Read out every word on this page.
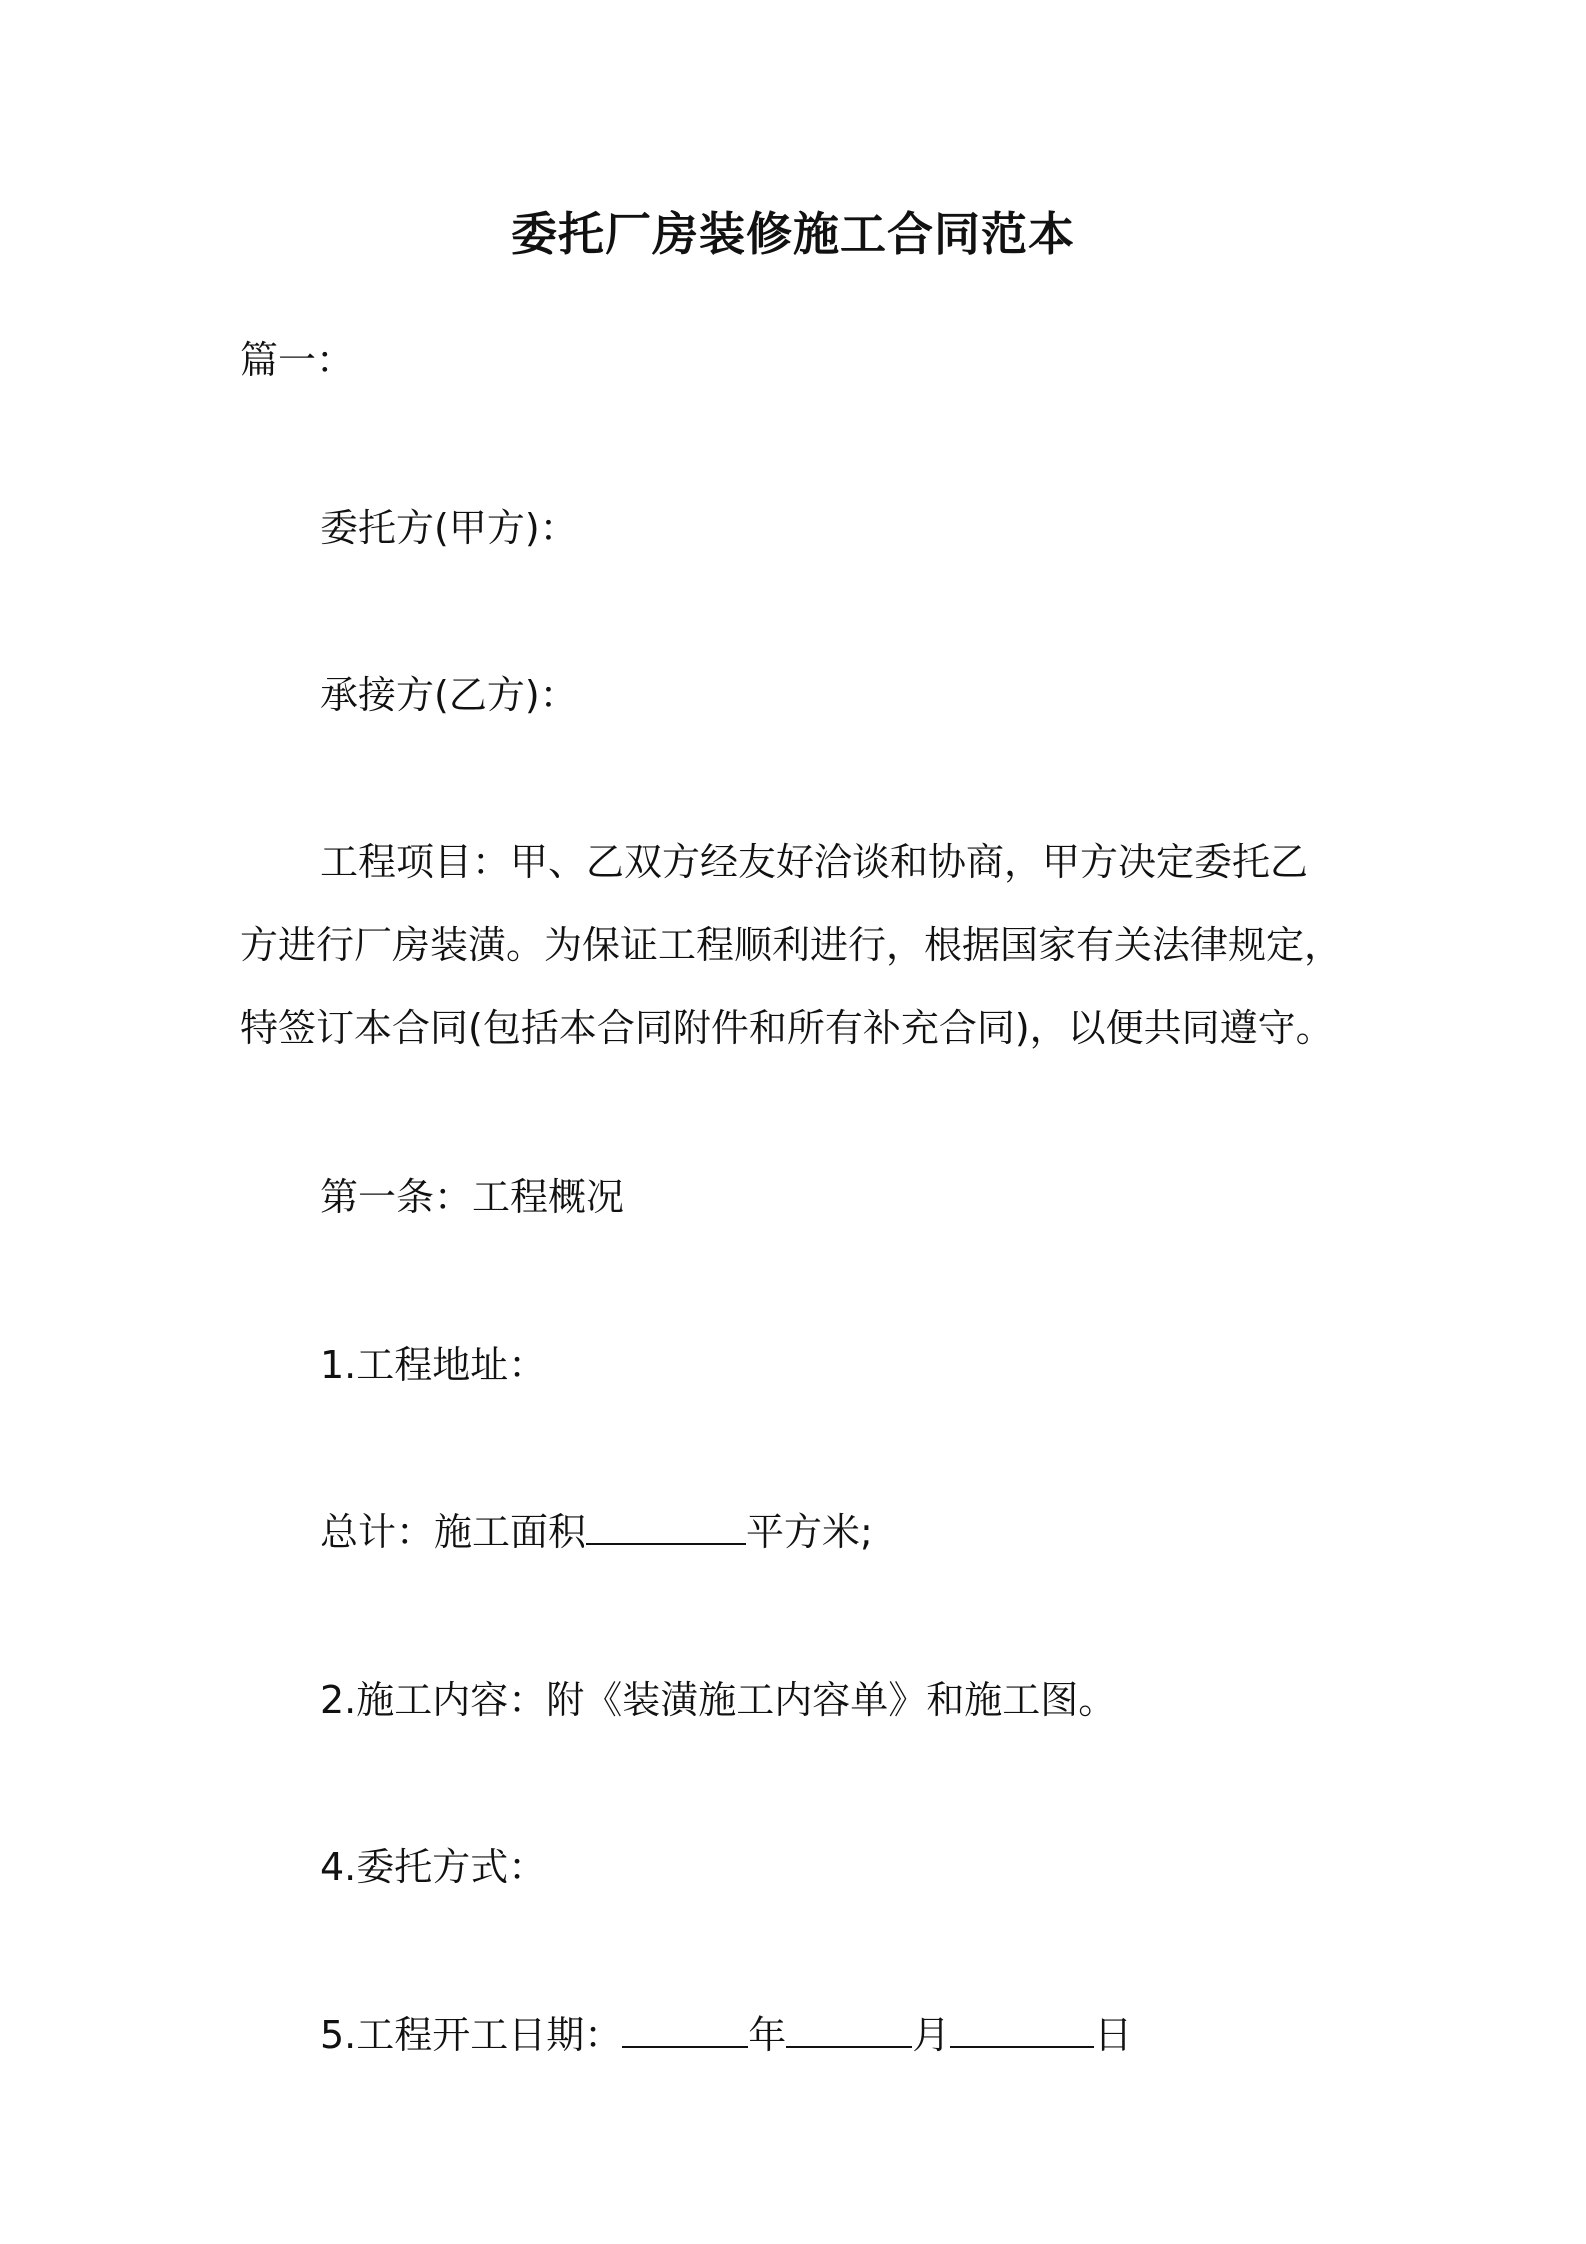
委托厂房装修施工合同范本
篇一：
委托方(甲方)：
承接方(乙方)：
工程项目：甲、乙双方经友好洽谈和协商，甲方决定委托乙
方进行厂房装潢。为保证工程顺利进行，根据国家有关法律规定，
特签订本合同(包括本合同附件和所有补充合同)，以便共同遵守。
第一条：工程概况
1.工程地址：
总计：施工面积	平方米;
2.施工内容：附《装潢施工内容单》和施工图。
4.委托方式：
5.工程开工日期：	年	月	日
